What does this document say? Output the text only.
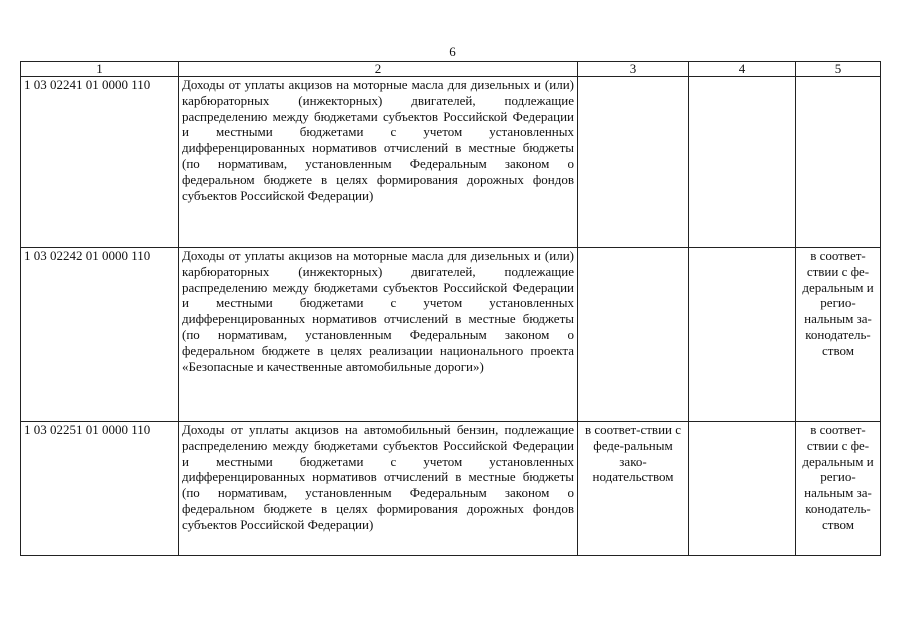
6
1	2	3	4	5
1 03 02241 01 0000 110	Доходы от уплаты акцизов на моторные масла для дизельных и (или) карбюраторных (инжекторных) двигателей, подлежащие распределению между бюджетами субъектов Российской Федерации и местными бюджетами с учетом установленных дифференцированных нормативов отчислений в местные бюджеты (по нормативам, установленным Федеральным законом о федеральном бюджете в целях формирования дорожных фондов субъектов Российской Федерации)			
1 03 02242 01 0000 110	Доходы от уплаты акцизов на моторные масла для дизельных и (или) карбюраторных (инжекторных) двигателей, подлежащие распределению между бюджетами субъектов Российской Федерации и местными бюджетами с учетом установленных дифференцированных нормативов отчислений в местные бюджеты (по нормативам, установленным Федеральным законом о федеральном бюджете в целях реализации национального проекта «Безопасные и качественные автомобильные дороги»)			в соответ-ствии с фе-деральным и регио-нальным за-конодатель-ством
1 03 02251 01 0000 110	Доходы от уплаты акцизов на автомобильный бензин, подлежащие распределению между бюджетами субъектов Российской Федерации и местными бюджетами с учетом установленных дифференцированных нормативов отчислений в местные бюджеты (по нормативам, установленным Федеральным законом о федеральном бюджете в целях формирования дорожных фондов субъектов Российской Федерации)	в соответ-ствии с феде-ральным зако-нодательством		в соответ-ствии с фе-деральным и регио-нальным за-конодатель-ством
